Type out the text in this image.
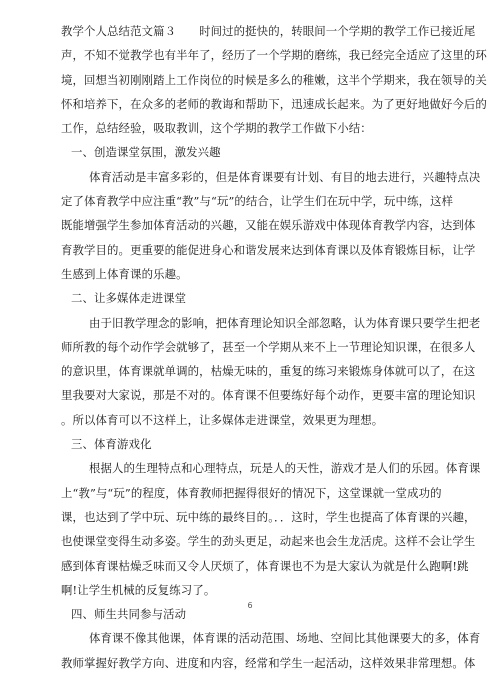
教学个人总结范文篇３　　时间过的挺快的，转眼间一个学期的教学工作已接近尾
声，不知不觉教学也有半年了，经历了一个学期的磨练，我已经完全适应了这里的环
境，回想当初刚刚踏上工作岗位的时候是多么的稚嫩，这半个学期来，我在领导的关
怀和培养下，在众多的老师的教诲和帮助下，迅速成长起来。为了更好地做好今后的
工作，总结经验，吸取教训，这个学期的教学工作做下小结：
一、创造课堂氛围，激发兴趣
体育活动是丰富多彩的，但是体育课要有计划、有目的地去进行，兴趣特点决
定了体育教学中应注重“教”与“玩”的结合，让学生们在玩中学，玩中练，这样
既能增强学生参加体育活动的兴趣，又能在娱乐游戏中体现体育教学内容，达到体
育教学目的。更重要的能促进身心和谐发展来达到体育课以及体育锻炼目标，让学
生感到上体育课的乐趣。
二、让多媒体走进课堂
由于旧教学理念的影响，把体育理论知识全部忽略，认为体育课只要学生把老
师所教的每个动作学会就够了，甚至一个学期从来不上一节理论知识课，在很多人
的意识里，体育课就单调的，枯燥无味的，重复的练习来锻炼身体就可以了，在这
里我要对大家说，那是不对的。体育课不但要练好每个动作，更要丰富的理论知识
。所以体育可以不这样上，让多媒体走进课堂，效果更为理想。
三、体育游戏化
根据人的生理特点和心理特点，玩是人的天性，游戏才是人们的乐园。体育课
上“教”与“玩”的程度，体育教师把握得很好的情况下，这堂课就一堂成功的
课，也达到了学中玩、玩中练的最终目的。．．这时，学生也提高了体育课的兴趣，
也使课堂变得生动多姿。学生的劲头更足，动起来也会生龙活虎。这样不会让学生
感到体育课枯燥乏味而又令人厌烦了，体育课也不为是大家认为就是什么跑啊!跳
啊!让学生机械的反复练习了。
四、师生共同参与活动
体育课不像其他课，体育课的活动范围、场地、空间比其他课要大的多，体育
教师掌握好教学方向、进度和内容，经常和学生一起活动，这样效果非常理想。体
6
